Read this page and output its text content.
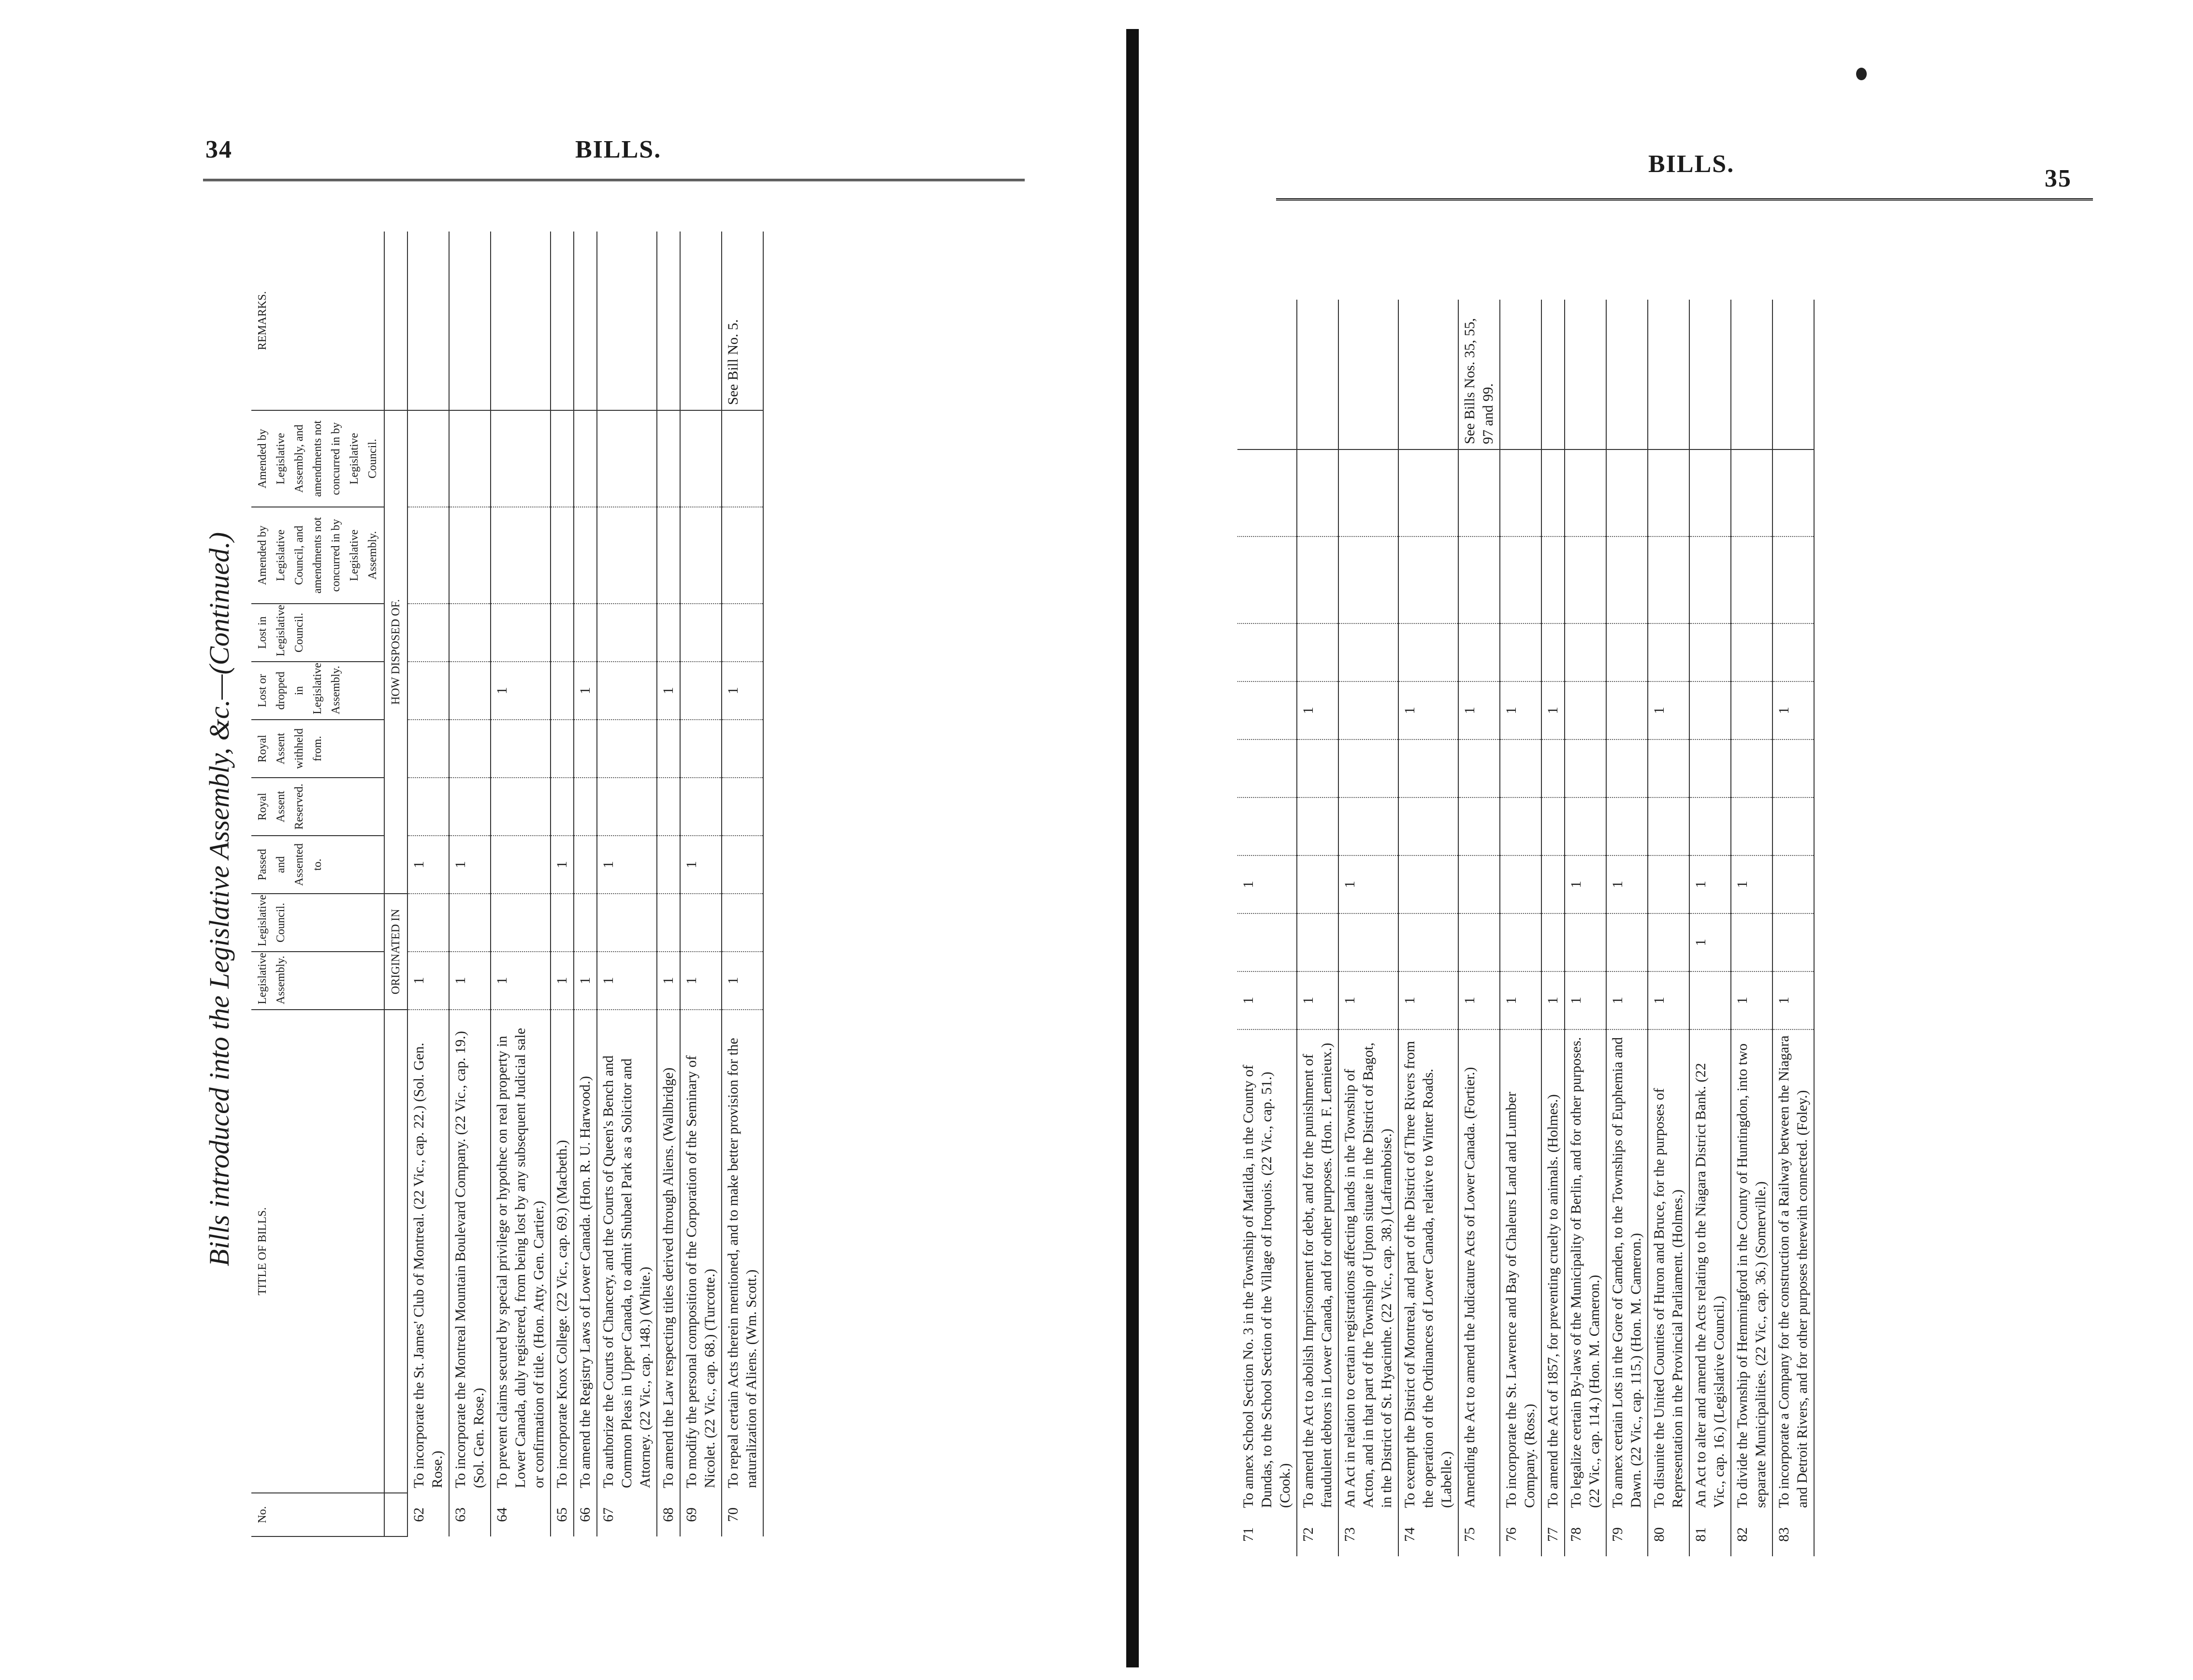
34	BILLS.
Bills introduced into the Legislative Assembly, &c.—(Continued.)
No.	TITLE OF BILLS.	Legislative Assembly.	Legislative Council.	Passed and Assented to.	Royal Assent Reserved.	Royal Assent withheld from.	Lost or dropped in Legislative Assembly.	Lost in Legislative Council.	Amended by Legislative Council, and amendments not concurred in by Legislative Assembly.	Amended by Legislative Assembly, and amendments not concurred in by Legislative Council.	REMARKS.
		ORIGINATED IN		HOW DISPOSED OF.							
62	To incorporate the St. James' Club of Montreal. (22 Vic., cap. 22.) (Sol. Gen. Rose.)	1		1							
63	To incorporate the Montreal Mountain Boulevard Company. (22 Vic., cap. 19.) (Sol. Gen. Rose.)	1		1							
64	To prevent claims secured by special privilege or hypothec on real property in Lower Canada, duly registered, from being lost by any subsequent Judicial sale or confirmation of title. (Hon. Atty. Gen. Cartier.)	1					1				
65	To incorporate Knox College. (22 Vic., cap. 69.) (Macbeth.)	1		1							
66	To amend the Registry Laws of Lower Canada. (Hon. R. U. Harwood.)	1					1				
67	To authorize the Courts of Chancery, and the Courts of Queen's Bench and Common Pleas in Upper Canada, to admit Shubael Park as a Solicitor and Attorney. (22 Vic., cap. 148.) (White.)	1		1							
68	To amend the Law respecting titles derived through Aliens. (Wallbridge)	1					1				
69	To modify the personal composition of the Corporation of the Seminary of Nicolet. (22 Vic., cap. 68.) (Turcotte.)	1		1							
70	To repeal certain Acts therein mentioned, and to make better provision for the naturalization of Aliens. (Wm. Scott.)	1					1				See Bill No. 5.
BILLS.
35
71	To annex School Section No. 3 in the Township of Matilda, in the County of Dundas, to the School Section of the Village of Iroquois. (22 Vic., cap. 51.) (Cook.)	1		1							
72	To amend the Act to abolish Imprisonment for debt, and for the punishment of fraudulent debtors in Lower Canada, and for other purposes. (Hon. F. Lemieux.)	1					1				
73	An Act in relation to certain registrations affecting lands in the Township of Acton, and in that part of the Township of Upton situate in the District of Bagot, in the District of St. Hyacinthe. (22 Vic., cap. 38.) (Laframboise.)	1		1							
74	To exempt the District of Montreal, and part of the District of Three Rivers from the operation of the Ordinances of Lower Canada, relative to Winter Roads. (Labelle.)	1					1				
75	Amending the Act to amend the Judicature Acts of Lower Canada. (Fortier.)	1					1				See Bills Nos. 35, 55, 97 and 99.
76	To incorporate the St. Lawrence and Bay of Chaleurs Land and Lumber Company. (Ross.)	1					1				
77	To amend the Act of 1857, for preventing cruelty to animals. (Holmes.)	1					1				
78	To legalize certain By-laws of the Municipality of Berlin, and for other purposes. (22 Vic., cap. 114.) (Hon. M. Cameron.)	1		1							
79	To annex certain Lots in the Gore of Camden, to the Townships of Euphemia and Dawn. (22 Vic., cap. 115.) (Hon. M. Cameron.)	1		1							
80	To disunite the United Counties of Huron and Bruce, for the purposes of Representation in the Provincial Parliament. (Holmes.)	1					1				
81	An Act to alter and amend the Acts relating to the Niagara District Bank. (22 Vic., cap. 16.) (Legislative Council.)		1	1							
82	To divide the Township of Hemmingford in the County of Huntingdon, into two separate Municipalities. (22 Vic., cap. 36.) (Somerville.)	1		1							
83	To incorporate a Company for the construction of a Railway between the Niagara and Detroit Rivers, and for other purposes therewith connected. (Foley.)	1					1				
